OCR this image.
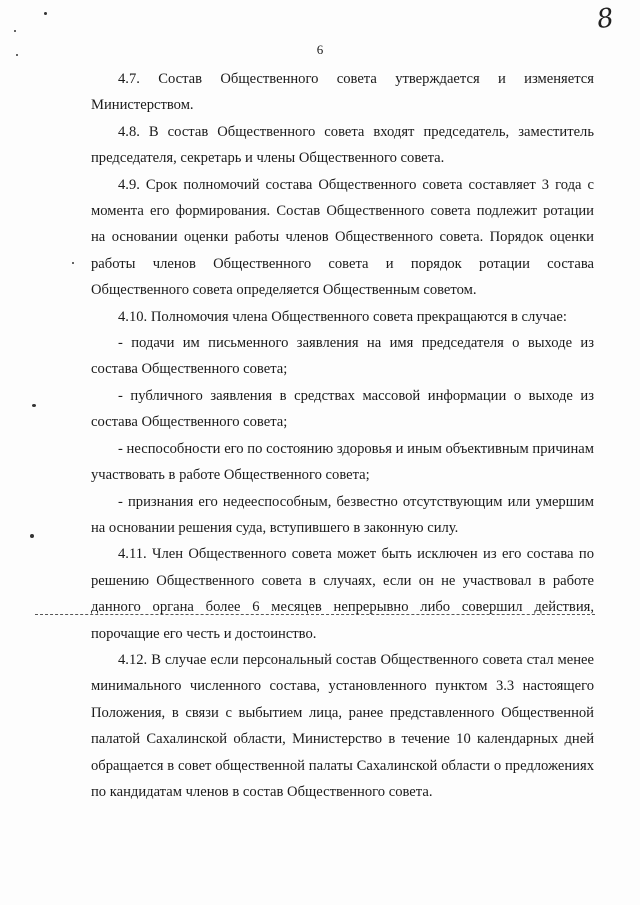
8
6

4.7. Состав Общественного совета утверждается и изменяется Министерством.

4.8. В состав Общественного совета входят председатель, заместитель председателя, секретарь и члены Общественного совета.

4.9. Срок полномочий состава Общественного совета составляет 3 года с момента его формирования. Состав Общественного совета подлежит ротации на основании оценки работы членов Общественного совета. Порядок оценки работы членов Общественного совета и порядок ротации состава Общественного совета определяется Общественным советом.

4.10. Полномочия члена Общественного совета прекращаются в случае:

- подачи им письменного заявления на имя председателя о выходе из состава Общественного совета;

- публичного заявления в средствах массовой информации о выходе из состава Общественного совета;

- неспособности его по состоянию здоровья и иным объективным причинам участвовать в работе Общественного совета;

- признания его недееспособным, безвестно отсутствующим или умершим на основании решения суда, вступившего в законную силу.

4.11. Член Общественного совета может быть исключен из его состава по решению Общественного совета в случаях, если он не участвовал в работе данного органа более 6 месяцев непрерывно либо совершил действия, порочащие его честь и достоинство.

4.12. В случае если персональный состав Общественного совета стал менее минимального численного состава, установленного пунктом 3.3 настоящего Положения, в связи с выбытием лица, ранее представленного Общественной палатой Сахалинской области, Министерство в течение 10 календарных дней обращается в совет общественной палаты Сахалинской области о предложениях по кандидатам членов в состав Общественного совета.
